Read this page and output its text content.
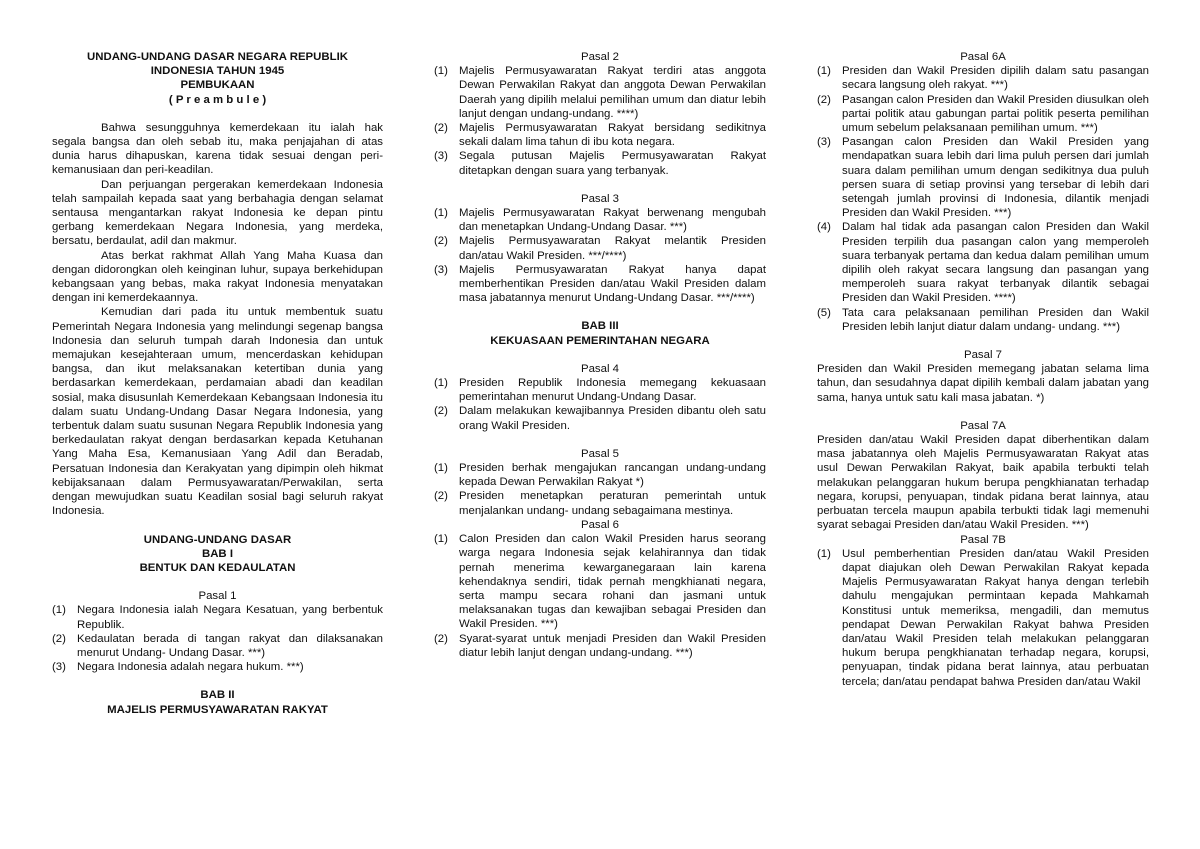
UNDANG-UNDANG DASAR NEGARA REPUBLIK
INDONESIA TAHUN 1945
PEMBUKAAN
( P r e a m b u l e )

Bahwa sesungguhnya kemerdekaan itu ialah hak segala bangsa dan oleh sebab itu, maka penjajahan di atas dunia harus dihapuskan, karena tidak sesuai dengan peri-kemanusiaan dan peri-keadilan.

Dan perjuangan pergerakan kemerdekaan Indonesia telah sampailah kepada saat yang berbahagia dengan selamat sentausa mengantarkan rakyat Indonesia ke depan pintu gerbang kemerdekaan Negara Indonesia, yang merdeka, bersatu, berdaulat, adil dan makmur.

Atas berkat rakhmat Allah Yang Maha Kuasa dan dengan didorongkan oleh keinginan luhur, supaya berkehidupan kebangsaan yang bebas, maka rakyat Indonesia menyatakan dengan ini kemerdekaannya.

Kemudian dari pada itu untuk membentuk suatu Pemerintah Negara Indonesia yang melindungi segenap bangsa Indonesia dan seluruh tumpah darah Indonesia dan untuk memajukan kesejahteraan umum, mencerdaskan kehidupan bangsa, dan ikut melaksanakan ketertiban dunia yang berdasarkan kemerdekaan, perdamaian abadi dan keadilan sosial, maka disusunlah Kemerdekaan Kebangsaan Indonesia itu dalam suatu Undang-Undang Dasar Negara Indonesia, yang terbentuk dalam suatu susunan Negara Republik Indonesia yang berkedaulatan rakyat dengan berdasarkan kepada Ketuhanan Yang Maha Esa, Kemanusiaan Yang Adil dan Beradab, Persatuan Indonesia dan Kerakyatan yang dipimpin oleh hikmat kebijaksanaan dalam Permusyawaratan/Perwakilan, serta dengan mewujudkan suatu Keadilan sosial bagi seluruh rakyat Indonesia.

UNDANG-UNDANG DASAR
BAB I
BENTUK DAN KEDAULATAN
Pasal 1
(1) Negara Indonesia ialah Negara Kesatuan, yang berbentuk Republik.
(2) Kedaulatan berada di tangan rakyat dan dilaksanakan menurut Undang- Undang Dasar. ***)
(3) Negara Indonesia adalah negara hukum. ***)
BAB II
MAJELIS PERMUSYAWARATAN RAKYAT
Pasal 2
(1) Majelis Permusyawaratan Rakyat terdiri atas anggota Dewan Perwakilan Rakyat dan anggota Dewan Perwakilan Daerah yang dipilih melalui pemilihan umum dan diatur lebih lanjut dengan undang-undang. ****)
(2) Majelis Permusyawaratan Rakyat bersidang sedikitnya sekali dalam lima tahun di ibu kota negara.
(3) Segala putusan Majelis Permusyawaratan Rakyat ditetapkan dengan suara yang terbanyak.
Pasal 3
(1) Majelis Permusyawaratan Rakyat berwenang mengubah dan menetapkan Undang-Undang Dasar. ***)
(2) Majelis Permusyawaratan Rakyat melantik Presiden dan/atau Wakil Presiden. ***/****)
(3) Majelis Permusyawaratan Rakyat hanya dapat memberhentikan Presiden dan/atau Wakil Presiden dalam masa jabatannya menurut Undang-Undang Dasar. ***/****)
BAB III
KEKUASAAN PEMERINTAHAN NEGARA
Pasal 4
(1) Presiden Republik Indonesia memegang kekuasaan pemerintahan menurut Undang-Undang Dasar.
(2) Dalam melakukan kewajibannya Presiden dibantu oleh satu orang Wakil Presiden.
Pasal 5
(1) Presiden berhak mengajukan rancangan undang-undang kepada Dewan Perwakilan Rakyat *)
(2) Presiden menetapkan peraturan pemerintah untuk menjalankan undang- undang sebagaimana mestinya.
Pasal 6
(1) Calon Presiden dan calon Wakil Presiden harus seorang warga negara Indonesia sejak kelahirannya dan tidak pernah menerima kewarganegaraan lain karena kehendaknya sendiri, tidak pernah mengkhianati negara, serta mampu secara rohani dan jasmani untuk melaksanakan tugas dan kewajiban sebagai Presiden dan Wakil Presiden. ***)
(2) Syarat-syarat untuk menjadi Presiden dan Wakil Presiden diatur lebih lanjut dengan undang-undang. ***)
Pasal 6A
(1) Presiden dan Wakil Presiden dipilih dalam satu pasangan secara langsung oleh rakyat. ***)
(2) Pasangan calon Presiden dan Wakil Presiden diusulkan oleh partai politik atau gabungan partai politik peserta pemilihan umum sebelum pelaksanaan pemilihan umum. ***)
(3) Pasangan calon Presiden dan Wakil Presiden yang mendapatkan suara lebih dari lima puluh persen dari jumlah suara dalam pemilihan umum dengan sedikitnya dua puluh persen suara di setiap provinsi yang tersebar di lebih dari setengah jumlah provinsi di Indonesia, dilantik menjadi Presiden dan Wakil Presiden. ***)
(4) Dalam hal tidak ada pasangan calon Presiden dan Wakil Presiden terpilih dua pasangan calon yang memperoleh suara terbanyak pertama dan kedua dalam pemilihan umum dipilih oleh rakyat secara langsung dan pasangan yang memperoleh suara rakyat terbanyak dilantik sebagai Presiden dan Wakil Presiden. ****)
(5) Tata cara pelaksanaan pemilihan Presiden dan Wakil Presiden lebih lanjut diatur dalam undang- undang. ***)
Pasal 7

Presiden dan Wakil Presiden memegang jabatan selama lima tahun, dan sesudahnya dapat dipilih kembali dalam jabatan yang sama, hanya untuk satu kali masa jabatan. *)

Pasal 7A

Presiden dan/atau Wakil Presiden dapat diberhentikan dalam masa jabatannya oleh Majelis Permusyawaratan Rakyat atas usul Dewan Perwakilan Rakyat, baik apabila terbukti telah melakukan pelanggaran hukum berupa pengkhianatan terhadap negara, korupsi, penyuapan, tindak pidana berat lainnya, atau perbuatan tercela maupun apabila terbukti tidak lagi memenuhi syarat sebagai Presiden dan/atau Wakil Presiden. ***)

Pasal 7B
(1) Usul pemberhentian Presiden dan/atau Wakil Presiden dapat diajukan oleh Dewan Perwakilan Rakyat kepada Majelis Permusyawaratan Rakyat hanya dengan terlebih dahulu mengajukan permintaan kepada Mahkamah Konstitusi untuk memeriksa, mengadili, dan memutus pendapat Dewan Perwakilan Rakyat bahwa Presiden dan/atau Wakil Presiden telah melakukan pelanggaran hukum berupa pengkhianatan terhadap negara, korupsi, penyuapan, tindak pidana berat lainnya, atau perbuatan tercela; dan/atau pendapat bahwa Presiden dan/atau Wakil
